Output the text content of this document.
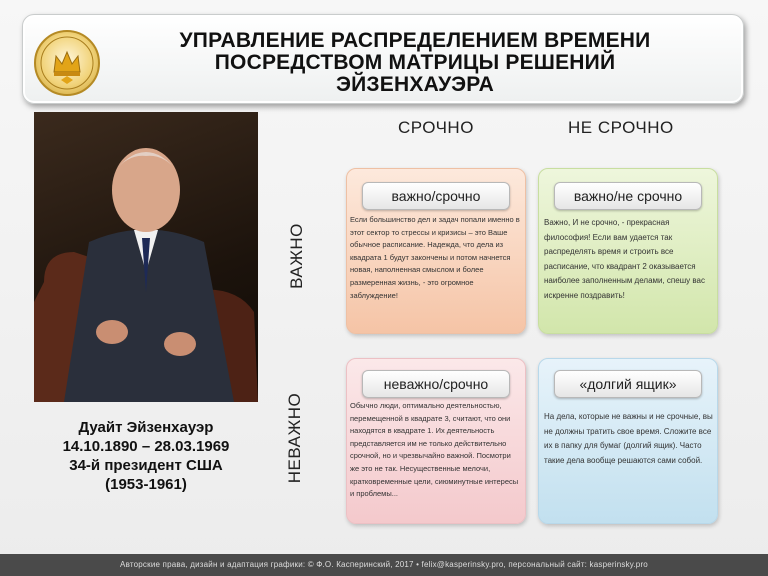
УПРАВЛЕНИЕ РАСПРЕДЕЛЕНИЕМ ВРЕМЕНИ
ПОСРЕДСТВОМ МАТРИЦЫ РЕШЕНИЙ
ЭЙЗЕНХАУЭРА
Дуайт Эйзенхауэр
14.10.1890 – 28.03.1969
34-й президент США
(1953-1961)
СРОЧНО	НЕ СРОЧНО
ВАЖНО
НЕВАЖНО
важно/срочно
Если большинство дел и задач попали именно в этот сектор то стрессы и кризисы – это Ваше обычное расписание. Надежда, что дела из квадрата 1 будут закончены и потом начнется новая, наполненная смыслом и более размеренная жизнь, - это огромное заблуждение!
важно/не срочно
Важно, И не срочно, - прекрасная философия! Если вам удается так распределять время и строить все расписание, что квадрант 2 оказывается наиболее заполненным делами, спешу вас искренне поздравить!
неважно/срочно
Обычно люди, оптимально деятельностью, перемещенной в квадрате 3, считают, что они находятся в квадрате 1. Их деятельность представляется им не только действительно срочной, но и чрезвычайно важной. Посмотри же это не так. Несущественные мелочи, кратковременные цели, сиюминутные интересы и проблемы...
«долгий ящик»
На дела, которые не важны и не срочные, вы не должны тратить свое время. Сложите все их в папку для бумаг (долгий ящик). Часто такие дела вообще решаются сами собой.
Авторские права, дизайн и адаптация графики: © Ф.О. Касперинский, 2017 • felix@kasperinsky.pro, персональный сайт: kasperinsky.pro
